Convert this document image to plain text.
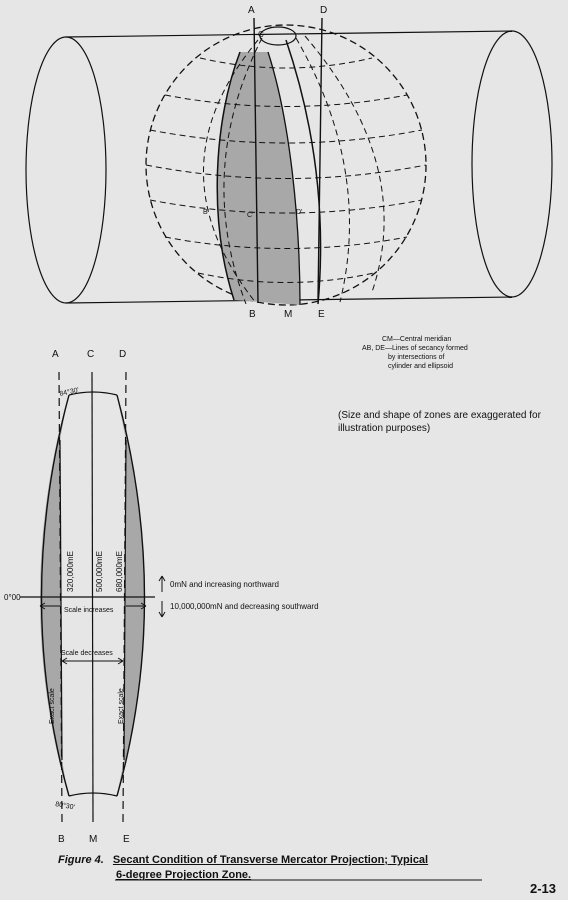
A	D
C
B'	C'	D'
B	M	E
A	C D
B M	E
84°30'
80°30'
0°00
320,000mE	500,000mE 680,000mE	0mN and increasing northward
10,000,000mN and decreasing southward
Scale increases
Scale decreases
Exact scale	Exact scale
CM—Central meridian
AB, DE—Lines of secancy formed
by intersections of
cylinder and ellipsoid
(Size and shape of zones are exaggerated for illustration purposes)
Figure 4. Secant Condition of Transverse Mercator Projection; Typical
6-degree Projection Zone.
2-13
